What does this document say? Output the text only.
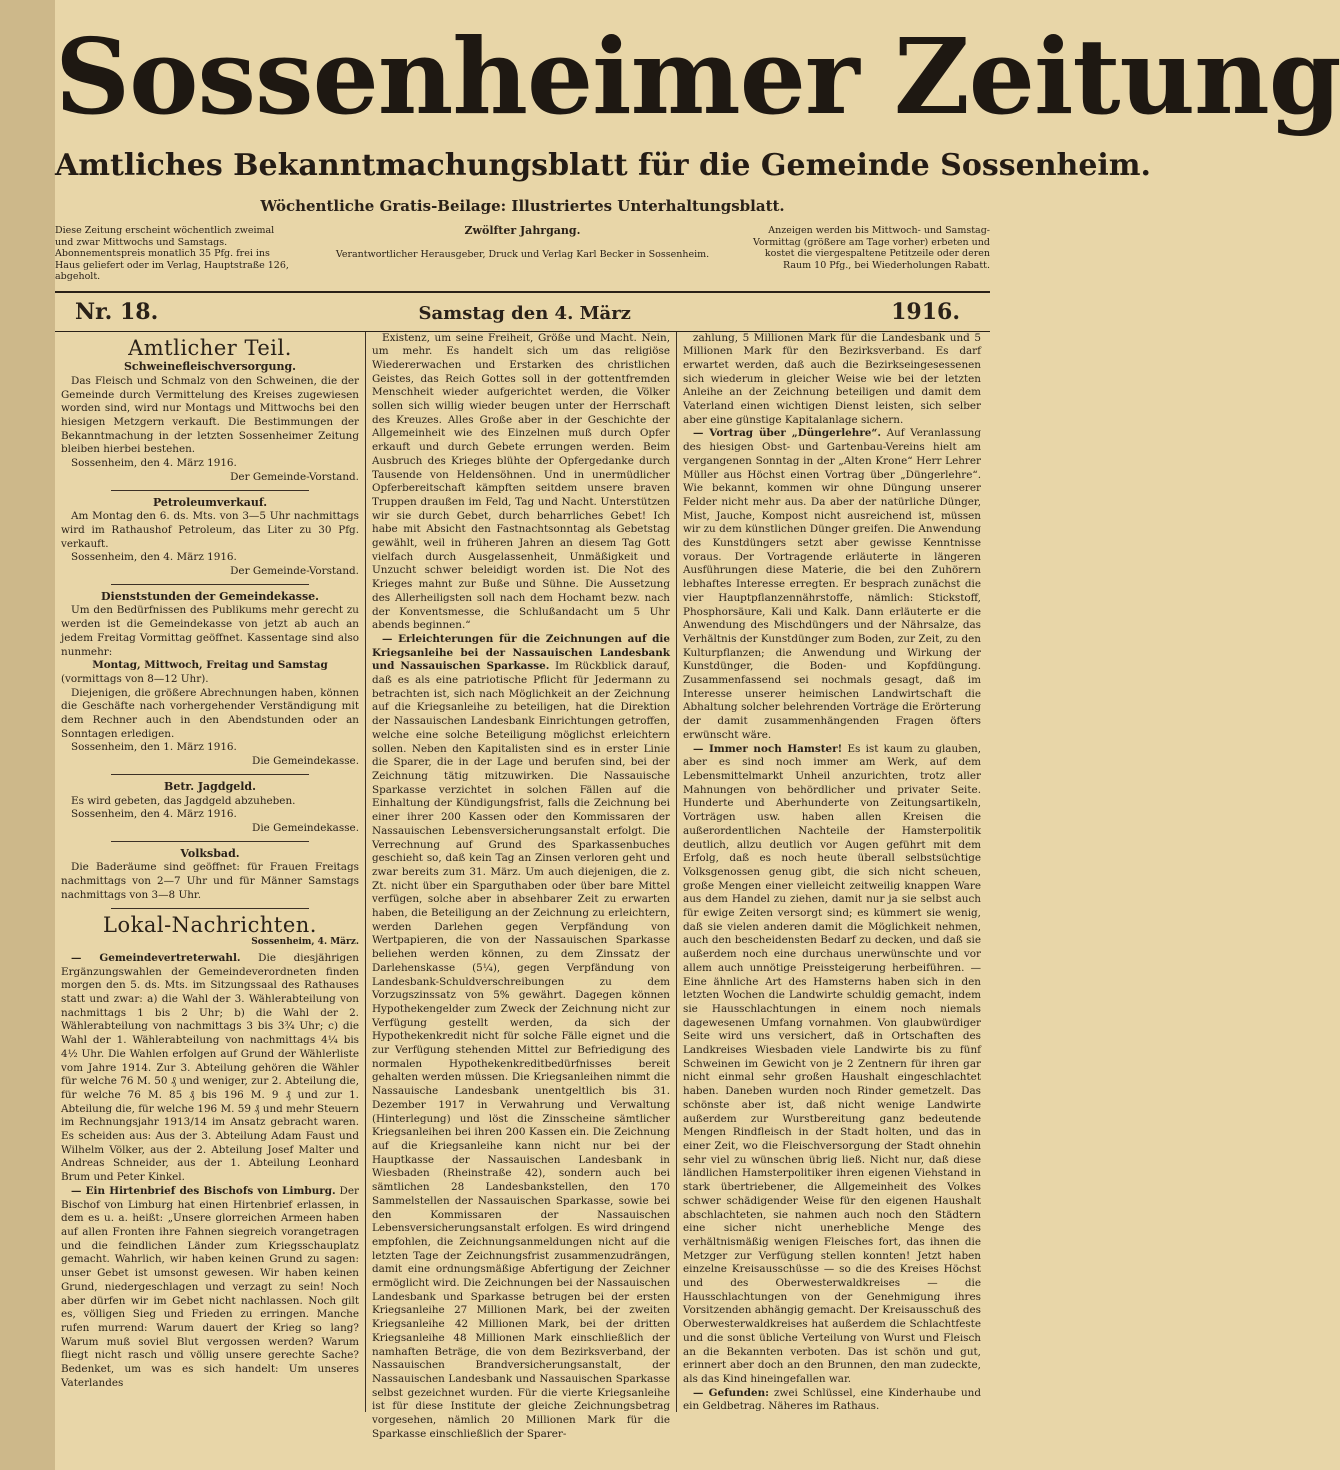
Sossenheimer Zeitung
Amtliches Bekanntmachungsblatt für die Gemeinde Sossenheim.
Wöchentliche Gratis-Beilage: Illustriertes Unterhaltungsblatt.
Diese Zeitung erscheint wöchentlich zweimal und zwar Mittwochs und Samstags. Abonnementspreis monatlich 35 Pfg. frei ins Haus geliefert oder im Verlag, Hauptstraße 126, abgeholt.
Zwölfter Jahrgang.
Verantwortlicher Herausgeber, Druck und Verlag Karl Becker in Sossenheim.
Anzeigen werden bis Mittwoch- und Samstag-Vormittag (größere am Tage vorher) erbeten und kostet die viergespaltene Petitzeile oder deren Raum 10 Pfg., bei Wiederholungen Rabatt.
Nr. 18.	Samstag den 4. März	1916.
Amtlicher Teil.
Schweinefleischversorgung.

Das Fleisch und Schmalz von den Schweinen, die der Gemeinde durch Vermittelung des Kreises zugewiesen worden sind, wird nur Montags und Mittwochs bei den hiesigen Metzgern verkauft. Die Bestimmungen der Bekanntmachung in der letzten Sossenheimer Zeitung bleiben hierbei bestehen.

Sossenheim, den 4. März 1916.

Der Gemeinde-Vorstand.
Petroleumverkauf.

Am Montag den 6. ds. Mts. von 3—5 Uhr nachmittags wird im Rathaushof Petroleum, das Liter zu 30 Pfg. verkauft.

Sossenheim, den 4. März 1916.

Der Gemeinde-Vorstand.
Dienststunden der Gemeindekasse.

Um den Bedürfnissen des Publikums mehr gerecht zu werden ist die Gemeindekasse von jetzt ab auch an jedem Freitag Vormittag geöffnet. Kassentage sind also nunmehr:

Montag, Mittwoch, Freitag und Samstag
(vormittags von 8—12 Uhr).

Diejenigen, die größere Abrechnungen haben, können die Geschäfte nach vorhergehender Verständigung mit dem Rechner auch in den Abendstunden oder an Sonntagen erledigen.

Sossenheim, den 1. März 1916.

Die Gemeindekasse.
Betr. Jagdgeld.

Es wird gebeten, das Jagdgeld abzuheben.

Sossenheim, den 4. März 1916.

Die Gemeindekasse.
Volksbad.

Die Baderäume sind geöffnet: für Frauen Freitags nachmittags von 2—7 Uhr und für Männer Samstags nachmittags von 3—8 Uhr.

Lokal-Nachrichten.
Sossenheim, 4. März.

— Gemeindevertreterwahl. Die diesjährigen Ergänzungswahlen der Gemeindeverordneten finden morgen den 5. ds. Mts. im Sitzungssaal des Rathauses statt und zwar: a) die Wahl der 3. Wählerabteilung von nachmittags 1 bis 2 Uhr; b) die Wahl der 2. Wählerabteilung von nachmittags 3 bis 3¾ Uhr; c) die Wahl der 1. Wählerabteilung von nachmittags 4¼ bis 4½ Uhr. Die Wahlen erfolgen auf Grund der Wählerliste vom Jahre 1914. Zur 3. Abteilung gehören die Wähler für welche 76 M. 50 ₰ und weniger, zur 2. Abteilung die, für welche 76 M. 85 ₰ bis 196 M. 9 ₰ und zur 1. Abteilung die, für welche 196 M. 59 ₰ und mehr Steuern im Rechnungsjahr 1913/14 im Ansatz gebracht waren. Es scheiden aus: Aus der 3. Abteilung Adam Faust und Wilhelm Völker, aus der 2. Abteilung Josef Malter und Andreas Schneider, aus der 1. Abteilung Leonhard Brum und Peter Kinkel.

— Ein Hirtenbrief des Bischofs von Limburg. Der Bischof von Limburg hat einen Hirtenbrief erlassen, in dem es u. a. heißt: „Unsere glorreichen Armeen haben auf allen Fronten ihre Fahnen siegreich vorangetragen und die feindlichen Länder zum Kriegsschauplatz gemacht. Wahrlich, wir haben keinen Grund zu sagen: unser Gebet ist umsonst gewesen. Wir haben keinen Grund, niedergeschlagen und verzagt zu sein! Noch aber dürfen wir im Gebet nicht nachlassen. Noch gilt es, völligen Sieg und Frieden zu erringen. Manche rufen murrend: Warum dauert der Krieg so lang? Warum muß soviel Blut vergossen werden? Warum fliegt nicht rasch und völlig unsere gerechte Sache? Bedenket, um was es sich handelt: Um unseres Vaterlandes

Existenz, um seine Freiheit, Größe und Macht. Nein, um mehr. Es handelt sich um das religiöse Wiedererwachen und Erstarken des christlichen Geistes, das Reich Gottes soll in der gottentfremden Menschheit wieder aufgerichtet werden, die Völker sollen sich willig wieder beugen unter der Herrschaft des Kreuzes. Alles Große aber in der Geschichte der Allgemeinheit wie des Einzelnen muß durch Opfer erkauft und durch Gebete errungen werden. Beim Ausbruch des Krieges blühte der Opfergedanke durch Tausende von Heldensöhnen. Und in unermüdlicher Opferbereitschaft kämpften seitdem unsere braven Truppen draußen im Feld, Tag und Nacht. Unterstützen wir sie durch Gebet, durch beharrliches Gebet! Ich habe mit Absicht den Fastnachtsonntag als Gebetstag gewählt, weil in früheren Jahren an diesem Tag Gott vielfach durch Ausgelassenheit, Unmäßigkeit und Unzucht schwer beleidigt worden ist. Die Not des Krieges mahnt zur Buße und Sühne. Die Aussetzung des Allerheiligsten soll nach dem Hochamt bezw. nach der Konventsmesse, die Schlußandacht um 5 Uhr abends beginnen.“

— Erleichterungen für die Zeichnungen auf die Kriegsanleihe bei der Nassauischen Landesbank und Nassauischen Sparkasse. Im Rückblick darauf, daß es als eine patriotische Pflicht für Jedermann zu betrachten ist, sich nach Möglichkeit an der Zeichnung auf die Kriegsanleihe zu beteiligen, hat die Direktion der Nassauischen Landesbank Einrichtungen getroffen, welche eine solche Beteiligung möglichst erleichtern sollen. Neben den Kapitalisten sind es in erster Linie die Sparer, die in der Lage und berufen sind, bei der Zeichnung tätig mitzuwirken. Die Nassauische Sparkasse verzichtet in solchen Fällen auf die Einhaltung der Kündigungsfrist, falls die Zeichnung bei einer ihrer 200 Kassen oder den Kommissaren der Nassauischen Lebensversicherungsanstalt erfolgt. Die Verrechnung auf Grund des Sparkassenbuches geschieht so, daß kein Tag an Zinsen verloren geht und zwar bereits zum 31. März. Um auch diejenigen, die z. Zt. nicht über ein Sparguthaben oder über bare Mittel verfügen, solche aber in absehbarer Zeit zu erwarten haben, die Beteiligung an der Zeichnung zu erleichtern, werden Darlehen gegen Verpfändung von Wertpapieren, die von der Nassauischen Sparkasse beliehen werden können, zu dem Zinssatz der Darlehenskasse (5¼), gegen Verpfändung von Landesbank-Schuldverschreibungen zu dem Vorzugszinssatz von 5% gewährt. Dagegen können Hypothekengelder zum Zweck der Zeichnung nicht zur Verfügung gestellt werden, da sich der Hypothekenkredit nicht für solche Fälle eignet und die zur Verfügung stehenden Mittel zur Befriedigung des normalen Hypothekenkreditbedürfnisses bereit gehalten werden müssen. Die Kriegsanleihen nimmt die Nassauische Landesbank unentgeltlich bis 31. Dezember 1917 in Verwahrung und Verwaltung (Hinterlegung) und löst die Zinsscheine sämtlicher Kriegsanleihen bei ihren 200 Kassen ein. Die Zeichnung auf die Kriegsanleihe kann nicht nur bei der Hauptkasse der Nassauischen Landesbank in Wiesbaden (Rheinstraße 42), sondern auch bei sämtlichen 28 Landesbankstellen, den 170 Sammelstellen der Nassauischen Sparkasse, sowie bei den Kommissaren der Nassauischen Lebensversicherungsanstalt erfolgen. Es wird dringend empfohlen, die Zeichnungsanmeldungen nicht auf die letzten Tage der Zeichnungsfrist zusammenzudrängen, damit eine ordnungsmäßige Abfertigung der Zeichner ermöglicht wird. Die Zeichnungen bei der Nassauischen Landesbank und Sparkasse betrugen bei der ersten Kriegsanleihe 27 Millionen Mark, bei der zweiten Kriegsanleihe 42 Millionen Mark, bei der dritten Kriegsanleihe 48 Millionen Mark einschließlich der namhaften Beträge, die von dem Bezirksverband, der Nassauischen Brandversicherungsanstalt, der Nassauischen Landesbank und Nassauischen Sparkasse selbst gezeichnet wurden. Für die vierte Kriegsanleihe ist für diese Institute der gleiche Zeichnungsbetrag vorgesehen, nämlich 20 Millionen Mark für die Sparkasse einschließlich der Sparer-

zahlung, 5 Millionen Mark für die Landesbank und 5 Millionen Mark für den Bezirksverband. Es darf erwartet werden, daß auch die Bezirkseingesessenen sich wiederum in gleicher Weise wie bei der letzten Anleihe an der Zeichnung beteiligen und damit dem Vaterland einen wichtigen Dienst leisten, sich selber aber eine günstige Kapitalanlage sichern.

— Vortrag über „Düngerlehre“. Auf Veranlassung des hiesigen Obst- und Gartenbau-Vereins hielt am vergangenen Sonntag in der „Alten Krone“ Herr Lehrer Müller aus Höchst einen Vortrag über „Düngerlehre“. Wie bekannt, kommen wir ohne Düngung unserer Felder nicht mehr aus. Da aber der natürliche Dünger, Mist, Jauche, Kompost nicht ausreichend ist, müssen wir zu dem künstlichen Dünger greifen. Die Anwendung des Kunstdüngers setzt aber gewisse Kenntnisse voraus. Der Vortragende erläuterte in längeren Ausführungen diese Materie, die bei den Zuhörern lebhaftes Interesse erregten. Er besprach zunächst die vier Hauptpflanzennährstoffe, nämlich: Stickstoff, Phosphorsäure, Kali und Kalk. Dann erläuterte er die Anwendung des Mischdüngers und der Nährsalze, das Verhältnis der Kunstdünger zum Boden, zur Zeit, zu den Kulturpflanzen; die Anwendung und Wirkung der Kunstdünger, die Boden- und Kopfdüngung. Zusammenfassend sei nochmals gesagt, daß im Interesse unserer heimischen Landwirtschaft die Abhaltung solcher belehrenden Vorträge die Erörterung der damit zusammenhängenden Fragen öfters erwünscht wäre.

— Immer noch Hamster! Es ist kaum zu glauben, aber es sind noch immer am Werk, auf dem Lebensmittelmarkt Unheil anzurichten, trotz aller Mahnungen von behördlicher und privater Seite. Hunderte und Aberhunderte von Zeitungsartikeln, Vorträgen usw. haben allen Kreisen die außerordentlichen Nachteile der Hamsterpolitik deutlich, allzu deutlich vor Augen geführt mit dem Erfolg, daß es noch heute überall selbstsüchtige Volksgenossen genug gibt, die sich nicht scheuen, große Mengen einer vielleicht zeitweilig knappen Ware aus dem Handel zu ziehen, damit nur ja sie selbst auch für ewige Zeiten versorgt sind; es kümmert sie wenig, daß sie vielen anderen damit die Möglichkeit nehmen, auch den bescheidensten Bedarf zu decken, und daß sie außerdem noch eine durchaus unerwünschte und vor allem auch unnötige Preissteigerung herbeiführen. — Eine ähnliche Art des Hamsterns haben sich in den letzten Wochen die Landwirte schuldig gemacht, indem sie Hausschlachtungen in einem noch niemals dagewesenen Umfang vornahmen. Von glaubwürdiger Seite wird uns versichert, daß in Ortschaften des Landkreises Wiesbaden viele Landwirte bis zu fünf Schweinen im Gewicht von je 2 Zentnern für ihren gar nicht einmal sehr großen Haushalt eingeschlachtet haben. Daneben wurden noch Rinder gemetzelt. Das schönste aber ist, daß nicht wenige Landwirte außerdem zur Wurstbereitung ganz bedeutende Mengen Rindfleisch in der Stadt holten, und das in einer Zeit, wo die Fleischversorgung der Stadt ohnehin sehr viel zu wünschen übrig ließ. Nicht nur, daß diese ländlichen Hamsterpolitiker ihren eigenen Viehstand in stark übertriebener, die Allgemeinheit des Volkes schwer schädigender Weise für den eigenen Haushalt abschlachteten, sie nahmen auch noch den Städtern eine sicher nicht unerhebliche Menge des verhältnismäßig wenigen Fleisches fort, das ihnen die Metzger zur Verfügung stellen konnten! Jetzt haben einzelne Kreisausschüsse — so die des Kreises Höchst und des Oberwesterwaldkreises — die Hausschlachtungen von der Genehmigung ihres Vorsitzenden abhängig gemacht. Der Kreisausschuß des Oberwesterwaldkreises hat außerdem die Schlachtfeste und die sonst übliche Verteilung von Wurst und Fleisch an die Bekannten verboten. Das ist schön und gut, erinnert aber doch an den Brunnen, den man zudeckte, als das Kind hineingefallen war.

— Gefunden: zwei Schlüssel, eine Kinderhaube und ein Geldbetrag. Näheres im Rathaus.
